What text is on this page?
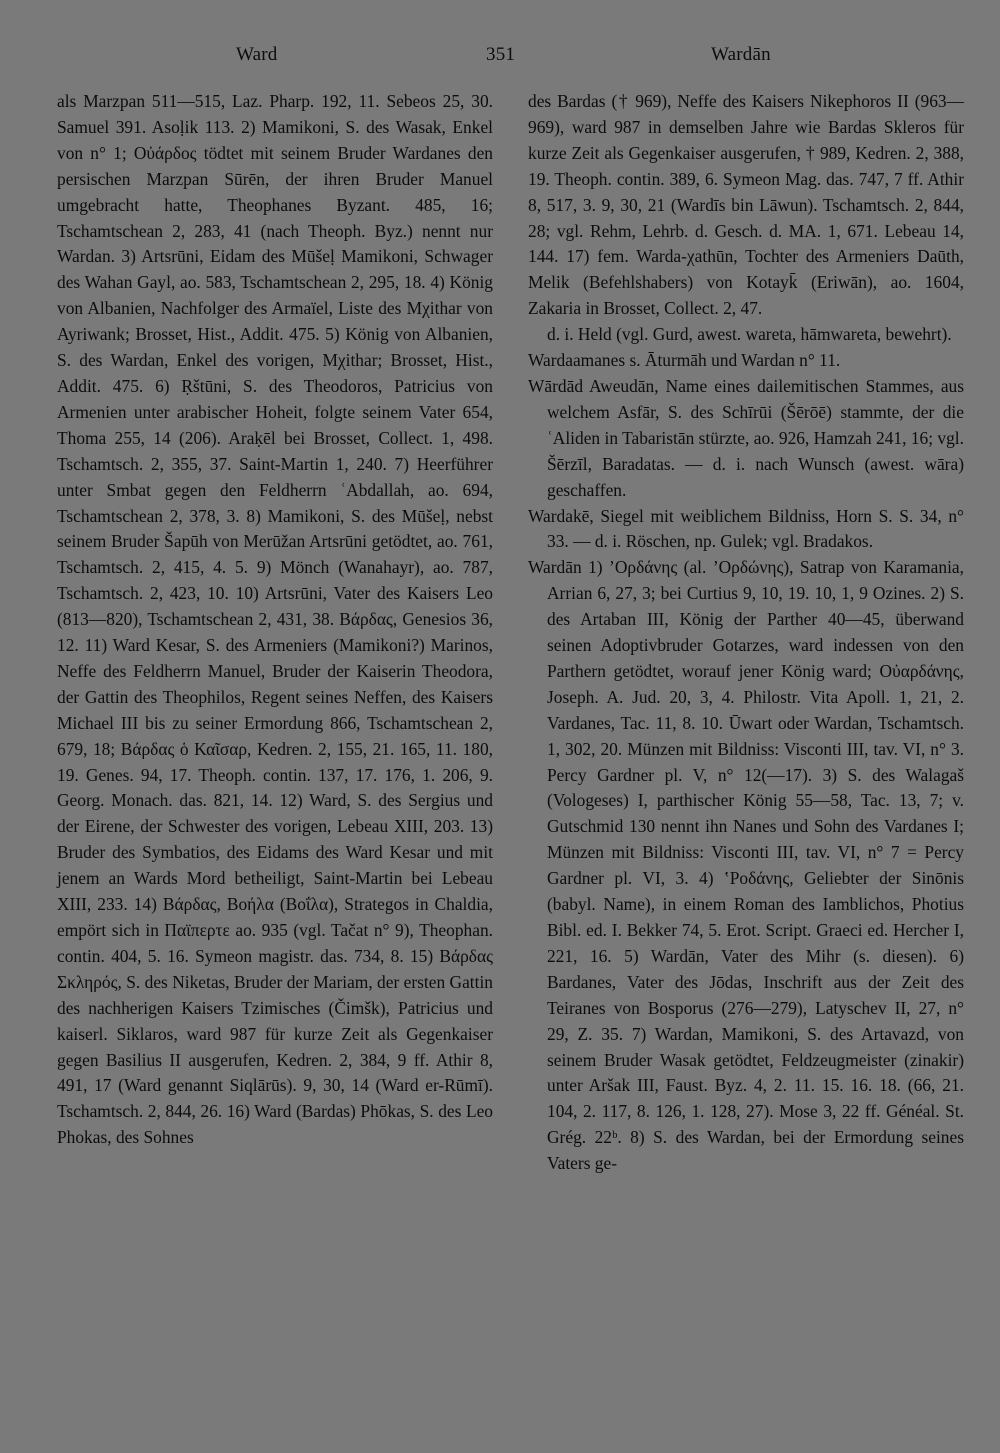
Ward	351	Wardān

als Marzpan 511—515, Laz. Pharp. 192, 11. Sebeos 25, 30. Samuel 391. Asoḷik 113. 2) Mamikoni, S. des Wasak, Enkel von n° 1; Οὐάρδος tödtet mit seinem Bruder Wardanes den persischen Marzpan Sūrēn, der ihren Bruder Manuel umgebracht hatte, Theophanes Byzant. 485, 16; Tschamtschean 2, 283, 41 (nach Theoph. Byz.) nennt nur Wardan. 3) Artsrūni, Eidam des Mūšeḷ Mamikoni, Schwager des Wahan Gayl, ao. 583, Tschamtschean 2, 295, 18. 4) König von Albanien, Nachfolger des Armaïel, Liste des Mχithar von Ayriwank; Brosset, Hist., Addit. 475. 5) König von Albanien, S. des Wardan, Enkel des vorigen, Mχithar; Brosset, Hist., Addit. 475. 6) Ṛštūni, S. des Theodoros, Patricius von Armenien unter arabischer Hoheit, folgte seinem Vater 654, Thoma 255, 14 (206). Araḳēl bei Brosset, Collect. 1, 498. Tschamtsch. 2, 355, 37. Saint-Martin 1, 240. 7) Heerführer unter Smbat gegen den Feldherrn ʿAbdallah, ao. 694, Tschamtschean 2, 378, 3. 8) Mamikoni, S. des Mūšeḷ, nebst seinem Bruder Šapūh von Merūžan Artsrūni getödtet, ao. 761, Tschamtsch. 2, 415, 4. 5. 9) Mönch (Wanahayr), ao. 787, Tschamtsch. 2, 423, 10. 10) Artsrūni, Vater des Kaisers Leo (813—820), Tschamtschean 2, 431, 38. Βάρδας, Genesios 36, 12. 11) Ward Kesar, S. des Armeniers (Mamikoni?) Marinos, Neffe des Feldherrn Manuel, Bruder der Kaiserin Theodora, der Gattin des Theophilos, Regent seines Neffen, des Kaisers Michael III bis zu seiner Ermordung 866, Tschamtschean 2, 679, 18; Βάρδας ὁ Καῖσαρ, Kedren. 2, 155, 21. 165, 11. 180, 19. Genes. 94, 17. Theoph. contin. 137, 17. 176, 1. 206, 9. Georg. Monach. das. 821, 14. 12) Ward, S. des Sergius und der Eirene, der Schwester des vorigen, Lebeau XIII, 203. 13) Bruder des Symbatios, des Eidams des Ward Kesar und mit jenem an Wards Mord betheiligt, Saint-Martin bei Lebeau XIII, 233. 14) Βάρδας, Βοήλα (Βοΐλα), Strategos in Chaldia, empört sich in Παϊπερτε ao. 935 (vgl. Tačat n° 9), Theophan. contin. 404, 5. 16. Symeon magistr. das. 734, 8. 15) Βάρδας Σκληρός, S. des Niketas, Bruder der Mariam, der ersten Gattin des nachherigen Kaisers Tzimisches (Čimšk), Patricius und kaiserl. Siklaros, ward 987 für kurze Zeit als Gegenkaiser gegen Basilius II ausgerufen, Kedren. 2, 384, 9 ff. Athir 8, 491, 17 (Ward genannt Siqlārūs). 9, 30, 14 (Ward er-Rūmī). Tschamtsch. 2, 844, 26. 16) Ward (Bardas) Phōkas, S. des Leo Phokas, des Sohnes

des Bardas († 969), Neffe des Kaisers Nikephoros II (963—969), ward 987 in demselben Jahre wie Bardas Skleros für kurze Zeit als Gegenkaiser ausgerufen, † 989, Kedren. 2, 388, 19. Theoph. contin. 389, 6. Symeon Mag. das. 747, 7 ff. Athir 8, 517, 3. 9, 30, 21 (Wardīs bin Lāwun). Tschamtsch. 2, 844, 28; vgl. Rehm, Lehrb. d. Gesch. d. MA. 1, 671. Lebeau 14, 144. 17) fem. Warda-χathūn, Tochter des Armeniers Daūth, Melik (Befehlshabers) von Kotayk̄ (Eriwān), ao. 1604, Zakaria in Brosset, Collect. 2, 47.

d. i. Held (vgl. Gurd, awest. wareta, hāmwareta, bewehrt).

Wardaamanes s. Āturmāh und Wardan n° 11.

Wārdād Aweudān, Name eines dailemitischen Stammes, aus welchem Asfār, S. des Schīrūi (Šērōē) stammte, der die ʿAliden in Tabaristān stürzte, ao. 926, Hamzah 241, 16; vgl. Šērzīl, Baradatas. — d. i. nach Wunsch (awest. wāra) geschaffen.

Wardakē, Siegel mit weiblichem Bildniss, Horn S. S. 34, n° 33. — d. i. Röschen, np. Gulek; vgl. Bradakos.

Wardān 1) ʼΟρδάνης (al. ʼΟρδώνης), Satrap von Karamania, Arrian 6, 27, 3; bei Curtius 9, 10, 19. 10, 1, 9 Ozines. 2) S. des Artaban III, König der Parther 40—45, überwand seinen Adoptivbruder Gotarzes, ward indessen von den Parthern getödtet, worauf jener König ward; Οὐαρδάνης, Joseph. A. Jud. 20, 3, 4. Philostr. Vita Apoll. 1, 21, 2. Vardanes, Tac. 11, 8. 10. Ūwart oder Wardan, Tschamtsch. 1, 302, 20. Münzen mit Bildniss: Visconti III, tav. VI, n° 3. Percy Gardner pl. V, n° 12(—17). 3) S. des Walagaš (Vologeses) I, parthischer König 55—58, Tac. 13, 7; v. Gutschmid 130 nennt ihn Nanes und Sohn des Vardanes I; Münzen mit Bildniss: Visconti III, tav. VI, n° 7 = Percy Gardner pl. VI, 3. 4) ʽΡοδάνης, Geliebter der Sinōnis (babyl. Name), in einem Roman des Iamblichos, Photius Bibl. ed. I. Bekker 74, 5. Erot. Script. Graeci ed. Hercher I, 221, 16. 5) Wardān, Vater des Mihr (s. diesen). 6) Bardanes, Vater des Jōdas, Inschrift aus der Zeit des Teiranes von Bosporus (276—279), Latyschev II, 27, n° 29, Z. 35. 7) Wardan, Mamikoni, S. des Artavazd, von seinem Bruder Wasak getödtet, Feldzeugmeister (zinakir) unter Aršak III, Faust. Byz. 4, 2. 11. 15. 16. 18. (66, 21. 104, 2. 117, 8. 126, 1. 128, 27). Mose 3, 22 ff. Généal. St. Grég. 22ᵇ. 8) S. des Wardan, bei der Ermordung seines Vaters ge-
